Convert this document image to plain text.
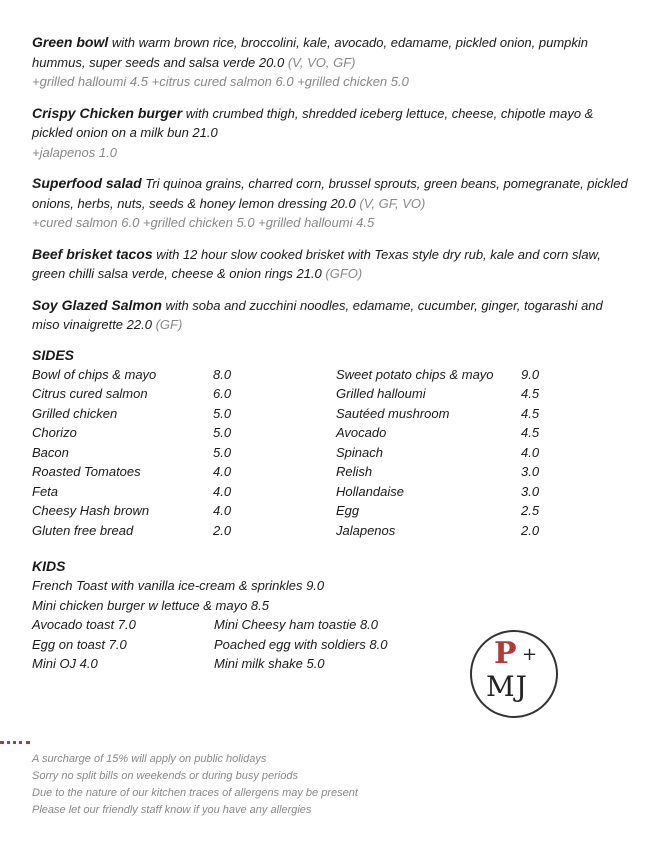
Green bowl with warm brown rice, broccolini, kale, avocado, edamame, pickled onion, pumpkin hummus, super seeds and salsa verde 20.0 (V, VO, GF)
+grilled halloumi 4.5 +citrus cured salmon 6.0 +grilled chicken 5.0
Crispy Chicken burger with crumbed thigh, shredded iceberg lettuce, cheese, chipotle mayo & pickled onion on a milk bun 21.0
+jalapenos 1.0
Superfood salad Tri quinoa grains, charred corn, brussel sprouts, green beans, pomegranate, pickled onions, herbs, nuts, seeds & honey lemon dressing 20.0 (V, GF, VO)
+cured salmon 6.0 +grilled chicken 5.0 +grilled halloumi 4.5
Beef brisket tacos with 12 hour slow cooked brisket with Texas style dry rub, kale and corn slaw, green chilli salsa verde, cheese & onion rings 21.0 (GFO)
Soy Glazed Salmon with soba and zucchini noodles, edamame, cucumber, ginger, togarashi and miso vinaigrette 22.0 (GF)
SIDES
Bowl of chips & mayo	8.0
Citrus cured salmon	6.0
Grilled chicken	5.0
Chorizo	5.0
Bacon	5.0
Roasted Tomatoes	4.0
Feta	4.0
Cheesy Hash brown	4.0
Gluten free bread	2.0
Sweet potato chips & mayo	9.0
Grilled halloumi	4.5
Sautéed mushroom	4.5
Avocado	4.5
Spinach	4.0
Relish	3.0
Hollandaise	3.0
Egg	2.5
Jalapenos	2.0
KIDS
French Toast with vanilla ice-cream & sprinkles 9.0
Mini chicken burger w lettuce & mayo 8.5
Avocado toast 7.0	Mini Cheesy ham toastie 8.0
Egg on toast 7.0	Poached egg with soldiers 8.0
Mini OJ 4.0	Mini milk shake 5.0	P +
MJ
A surcharge of 15% will apply on public holidays
Sorry no split bills on weekends or during busy periods
Due to the nature of our kitchen traces of allergens may be present
Please let our friendly staff know if you have any allergies
